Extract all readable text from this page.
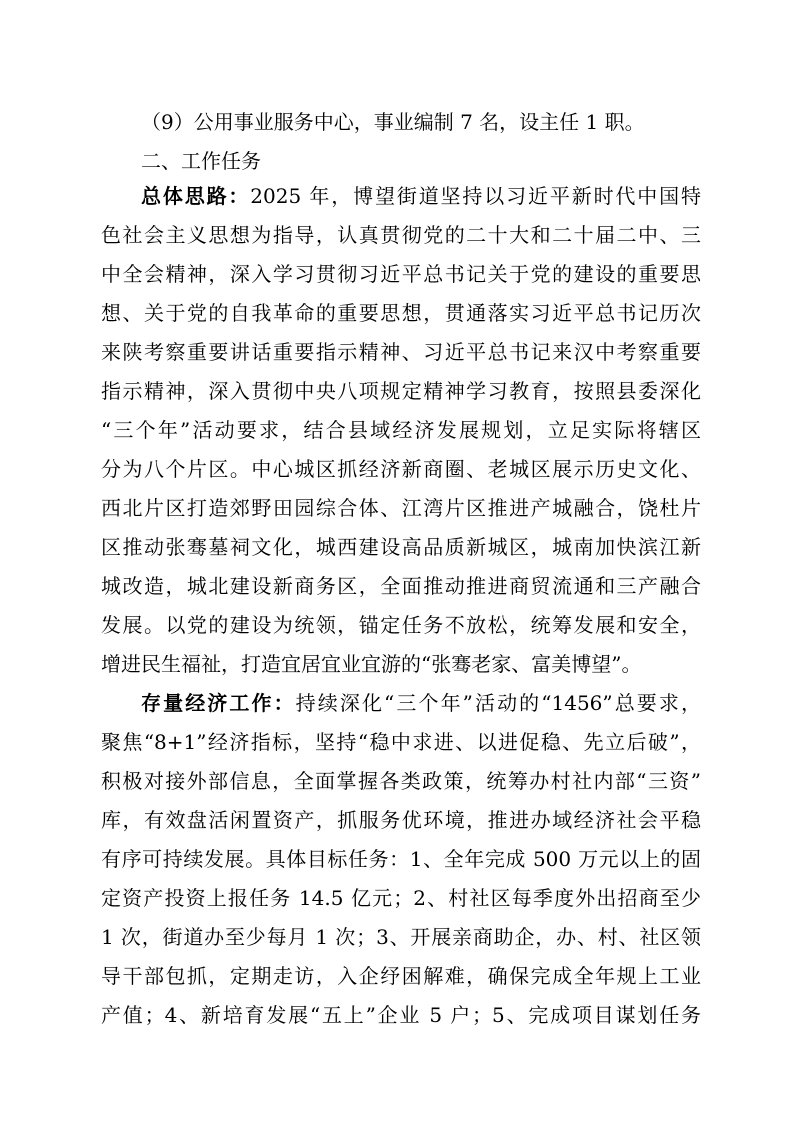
（9）公用事业服务中心，事业编制 7 名，设主任 1 职。
二、工作任务
总体思路：2025 年，博望街道坚持以习近平新时代中国特
色社会主义思想为指导，认真贯彻党的二十大和二十届二中、三
中全会精神，深入学习贯彻习近平总书记关于党的建设的重要思
想、关于党的自我革命的重要思想，贯通落实习近平总书记历次
来陕考察重要讲话重要指示精神、习近平总书记来汉中考察重要
指示精神，深入贯彻中央八项规定精神学习教育，按照县委深化
“三个年”活动要求，结合县域经济发展规划，立足实际将辖区
分为八个片区。中心城区抓经济新商圈、老城区展示历史文化、
西北片区打造郊野田园综合体、江湾片区推进产城融合，饶杜片
区推动张骞墓祠文化，城西建设高品质新城区，城南加快滨江新
城改造，城北建设新商务区，全面推动推进商贸流通和三产融合
发展。以党的建设为统领，锚定任务不放松，统筹发展和安全，
增进民生福祉，打造宜居宜业宜游的“张骞老家、富美博望”。
存量经济工作：持续深化“三个年”活动的“1456”总要求，
聚焦“8+1”经济指标，坚持“稳中求进、以进促稳、先立后破”，
积极对接外部信息，全面掌握各类政策，统筹办村社内部“三资”
库，有效盘活闲置资产，抓服务优环境，推进办域经济社会平稳
有序可持续发展。具体目标任务：1、全年完成 500 万元以上的固
定资产投资上报任务 14.5 亿元；2、村社区每季度外出招商至少
1 次，街道办至少每月 1 次；3、开展亲商助企，办、村、社区领
导干部包抓，定期走访，入企纾困解难，确保完成全年规上工业
产值；4、新培育发展“五上”企业 5 户；5、完成项目谋划任务
